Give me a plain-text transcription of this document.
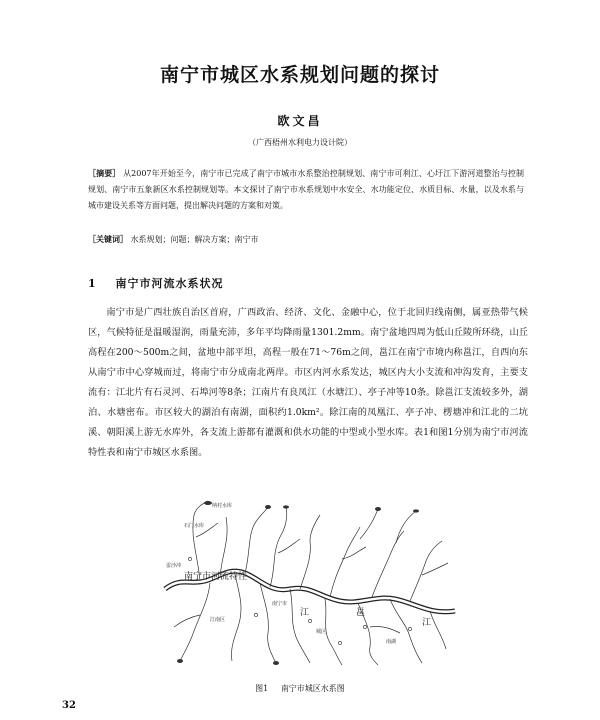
南宁市城区水系规划问题的探讨
欧文昌
（广西梧州水利电力设计院）
［摘要］ 从2007年开始至今，南宁市已完成了南宁市城市水系整治控制规划、南宁市可利江、心圩江下游河道整治与控制规划、南宁市五象新区水系控制规划等。本文探讨了南宁市水系规划中水安全、水功能定位、水质目标、水量，以及水系与城市建设关系等方面问题，提出解决问题的方案和对策。
［关键词］ 水系规划；问题；解决方案；南宁市
1 南宁市河流水系状况
南宁市是广西壮族自治区首府，广西政治、经济、文化、金融中心，位于北回归线南侧，属亚热带气候区，气候特征是温暖湿润，雨量充沛，多年平均降雨量1301.2mm。南宁盆地四周为低山丘陵所环绕，山丘高程在200～500m之间，盆地中部平坦，高程一般在71～76m之间，邕江在南宁市境内称邕江，自西向东从南宁市中心穿城而过，将南宁市分成南北两岸。市区内河水系发达，城区内大小支流和冲沟发育，主要支流有：江北片有石灵河、石埠河等8条；江南片有良凤江（水塘江）、亭子冲等10条。除邕江支流较多外，湖泊、水塘密布。市区较大的湖泊有南湖，面积约1.0km²。除江南的凤凰江、亭子冲、楞塘冲和江北的二坑溪、朝阳溪上游无水库外，各支流上游都有灌溉和供水功能的中型或小型水库。表1和图1分别为南宁市河流特性表和南宁市城区水系图。
纳村水库
石门水库
雷沙冲
南宁市河流特性
南宁市
江	邕
江
城区
南湖
江南区
图1 南宁市城区水系图
32
